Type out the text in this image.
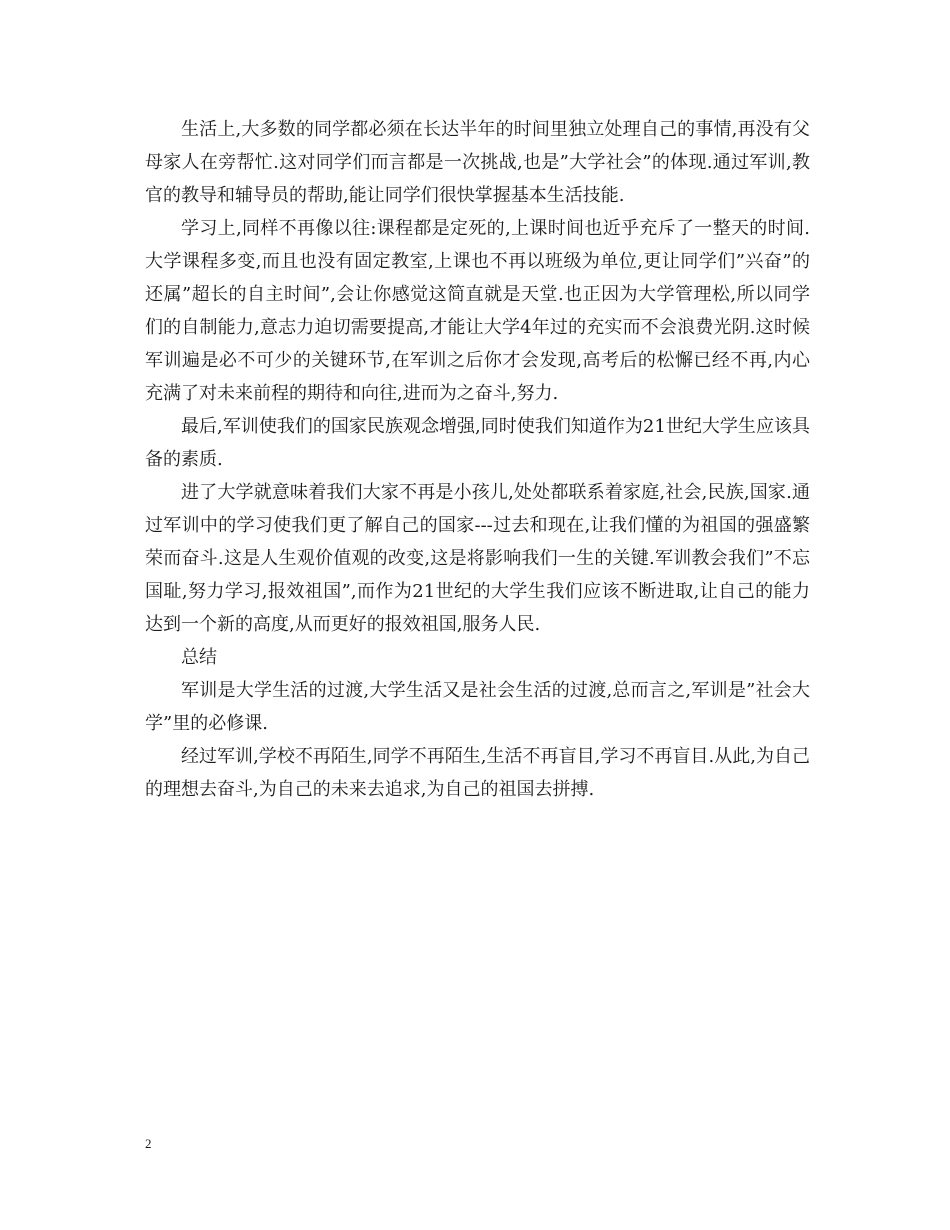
生活上,大多数的同学都必须在长达半年的时间里独立处理自己的事情,再没有父母家人在旁帮忙.这对同学们而言都是一次挑战,也是”大学社会”的体现.通过军训,教官的教导和辅导员的帮助,能让同学们很快掌握基本生活技能.

学习上,同样不再像以往:课程都是定死的,上课时间也近乎充斥了一整天的时间.大学课程多变,而且也没有固定教室,上课也不再以班级为单位,更让同学们”兴奋”的还属”超长的自主时间”,会让你感觉这简直就是天堂.也正因为大学管理松,所以同学们的自制能力,意志力迫切需要提高,才能让大学4年过的充实而不会浪费光阴.这时候军训遍是必不可少的关键环节,在军训之后你才会发现,高考后的松懈已经不再,内心充满了对未来前程的期待和向往,进而为之奋斗,努力.

最后,军训使我们的国家民族观念增强,同时使我们知道作为21世纪大学生应该具备的素质.

进了大学就意味着我们大家不再是小孩儿,处处都联系着家庭,社会,民族,国家.通过军训中的学习使我们更了解自己的国家---过去和现在,让我们懂的为祖国的强盛繁荣而奋斗.这是人生观价值观的改变,这是将影响我们一生的关键.军训教会我们”不忘国耻,努力学习,报效祖国”,而作为21世纪的大学生我们应该不断进取,让自己的能力达到一个新的高度,从而更好的报效祖国,服务人民.

总结

军训是大学生活的过渡,大学生活又是社会生活的过渡,总而言之,军训是”社会大学”里的必修课.

经过军训,学校不再陌生,同学不再陌生,生活不再盲目,学习不再盲目.从此,为自己的理想去奋斗,为自己的未来去追求,为自己的祖国去拼搏.

2
